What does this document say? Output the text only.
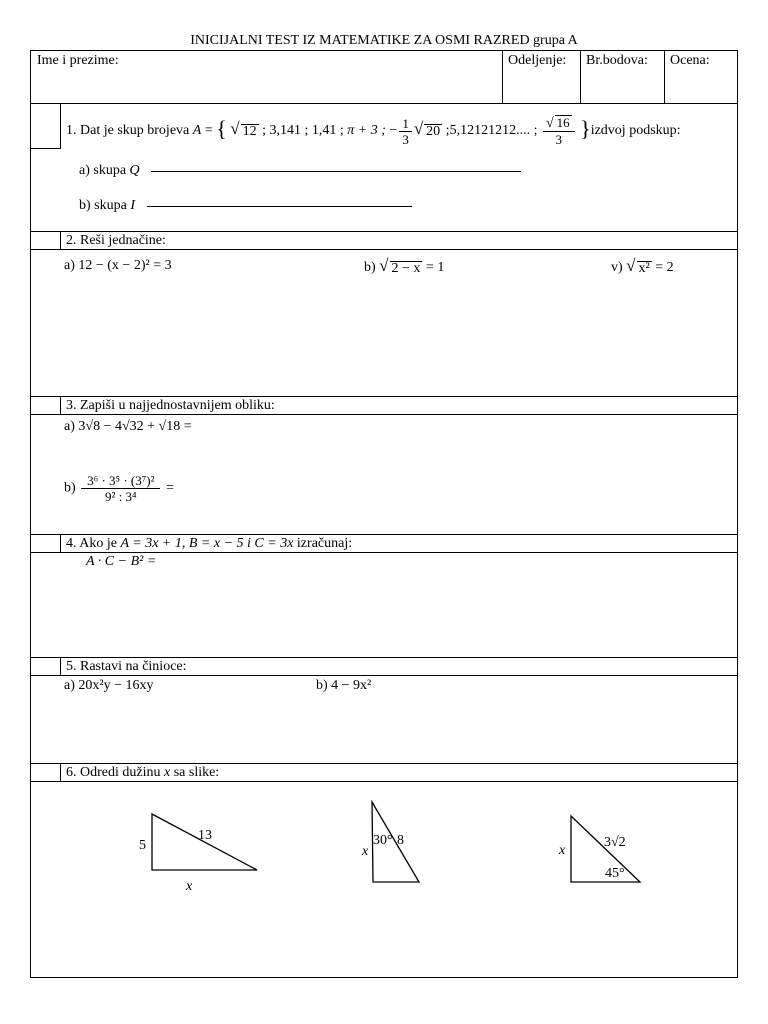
INICIJALNI TEST IZ MATEMATIKE ZA OSMI RAZRED grupa A
Ime i prezime:	Odeljenje:	Br.bodova:	Ocena:
1. Dat je skup brojeva A = { √ 12 ; 3,141 ; 1,41 ; π + 3 ; − $\frac{1}{3}$ √ 20 ;5,12121212.... ; $\frac{√ 16}{3}$ }izdvoj podskup:
a) skupa Q
b) skupa I
2. Reši jednačine:
a) 12 − (x − 2)² = 3	b) √ 2 − x = 1	v) √ x² = 2
3. Zapiši u najjednostavnijem obliku:
a) 3√8 − 4√32 + √18 =
$b) \frac{\text{3⁶ · 3⁵ · (3⁷)²}}{\text{9² : 3⁴}}$ =
4. Ako je A = 3x + 1, B = x − 5 i C = 3x izračunaj:
A · C − B² =
5. Rastavi na činioce:
a) 20x²y − 16xy	b) 4 − 9x²
6. Odredi dužinu x sa slike:
5
13
x
30° 8
x
3√2
45°
x
